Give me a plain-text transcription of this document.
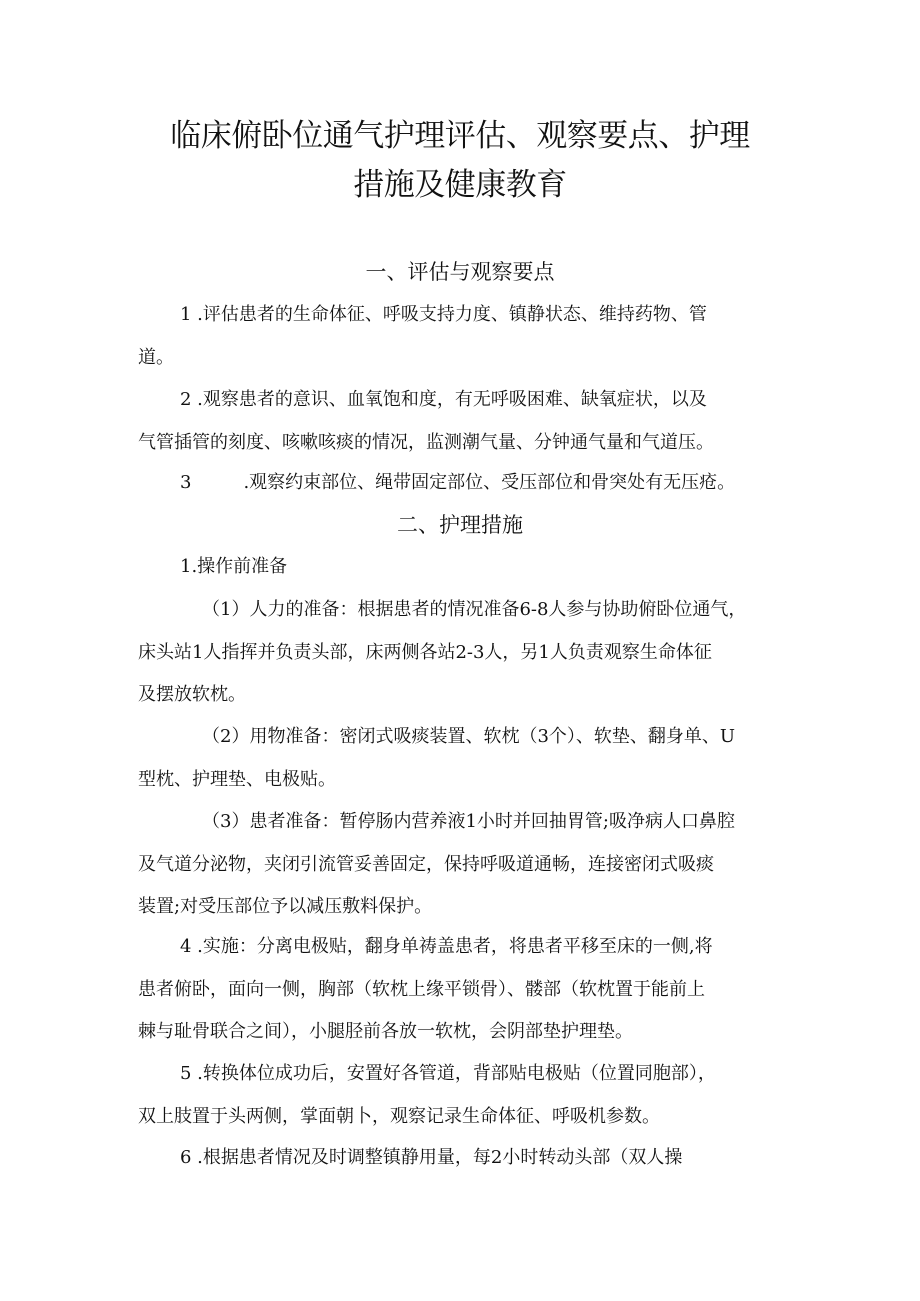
临床俯卧位通气护理评估、观察要点、护理
措施及健康教育
一、评估与观察要点

1 .评估患者的生命体征、呼吸支持力度、镇静状态、维持药物、管
道。

2 .观察患者的意识、血氧饱和度，有无呼吸困难、缺氧症状，以及
气管插管的刻度、咳嗽咳痰的情况，监测潮气量、分钟通气量和气道压。

3	.观察约束部位、绳带固定部位、受压部位和骨突处有无压疮。

二、护理措施

1.操作前准备

（1）人力的准备：根据患者的情况准备6-8人参与协助俯卧位通气，
床头站1人指挥并负责头部，床两侧各站2-3人，另1人负责观察生命体征
及摆放软枕。

（2）用物准备：密闭式吸痰装置、软枕（3个）、软垫、翻身单、U
型枕、护理垫、电极贴。

（3）患者准备：暂停肠内营养液1小时并回抽胃管;吸净病人口鼻腔
及气道分泌物，夹闭引流管妥善固定，保持呼吸道通畅，连接密闭式吸痰
装置;对受压部位予以减压敷料保护。

4 .实施：分离电极贴，翻身单祷盖患者，将患者平移至床的一侧,将
患者俯卧，面向一侧，胸部（软枕上缘平锁骨）、髅部（软枕置于能前上
棘与耻骨联合之间），小腿胫前各放一软枕，会阴部垫护理垫。

5 .转换体位成功后，安置好各管道，背部贴电极贴（位置同胞部），
双上肢置于头两侧，掌面朝卜，观察记录生命体征、呼吸机参数。

6 .根据患者情况及时调整镇静用量，每2小时转动头部（双人操
